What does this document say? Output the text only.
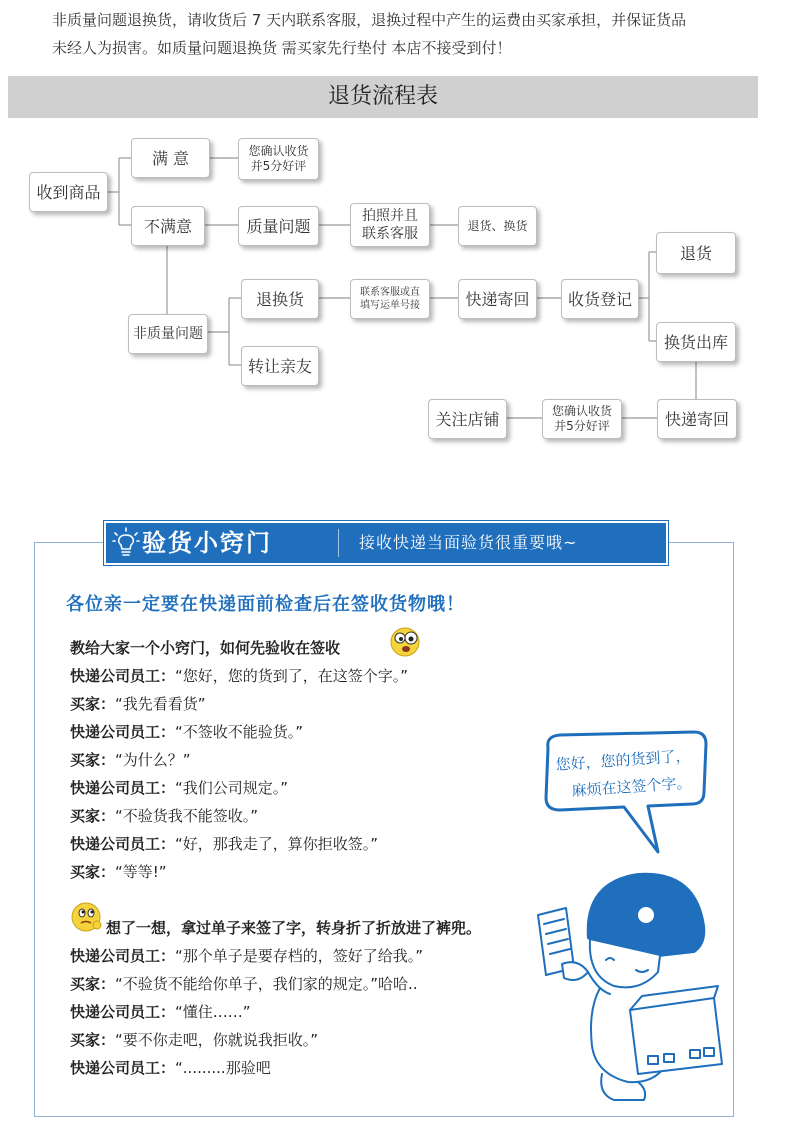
非质量问题退换货，请收货后 7 天内联系客服，退换过程中产生的运费由买家承担，并保证货品
未经人为损害。如质量问题退换货 需买家先行垫付 本店不接受到付！
退货流程表
收到商品
满 意	您确认收货
并5分好评
不满意	质量问题
拍照并且
联系客服
退货、换货
非质量问题
退换货	联系客服或直
填写运单号接	快递寄回	收货登记
退货
换货出库
转让亲友
关注店铺	您确认收货
并5分好评	快递寄回
验货小窍门	接收快递当面验货很重要哦~
各位亲一定要在快递面前检查后在签收货物哦！
教给大家一个小窍门，如何先验收在签收
快递公司员工：“您好，您的货到了，在这签个字。”
买家：“我先看看货”
快递公司员工：“不签收不能验货。”
买家：“为什么？”
快递公司员工：“我们公司规定。”
买家：“不验货我不能签收。”
快递公司员工：“好，那我走了，算你拒收签。”
买家：“等等!”
想了一想，拿过单子来签了字，转身折了折放进了裤兜。
快递公司员工：“那个单子是要存档的，签好了给我。”
买家：“不验货不能给你单子，我们家的规定。”哈哈..
快递公司员工：“懂住……”
买家：“要不你走吧，你就说我拒收。”
快递公司员工：“.........那验吧
您好，您的货到了，
麻烦在这签个字。
